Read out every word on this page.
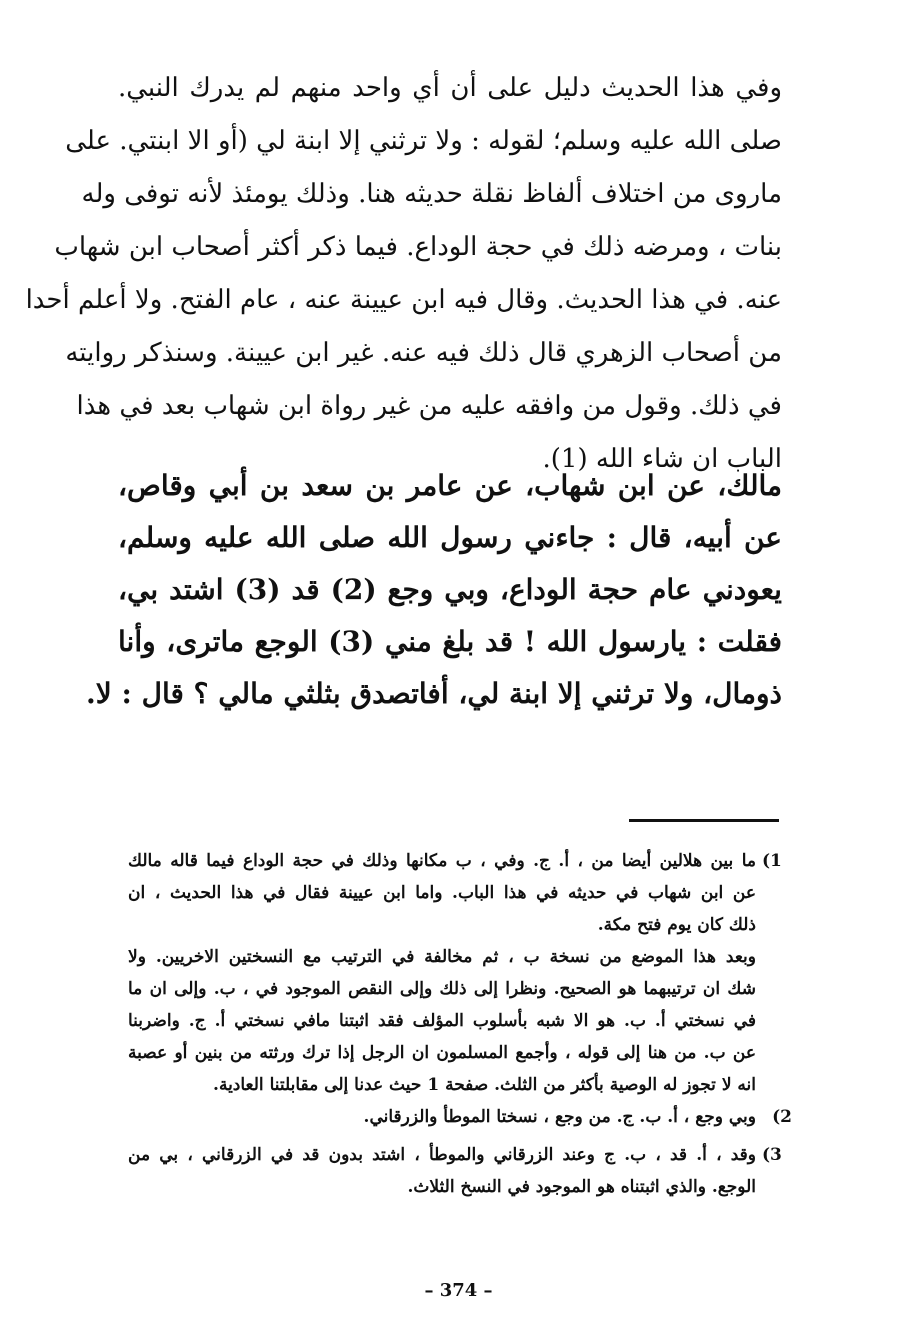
وفي هذا الحديث دليل على أن أي واحد منهم لم يدرك النبي.
صلى الله عليه وسلم؛ لقوله : ولا ترثني إلا ابنة لي (أو الا ابنتي. على
ماروى من اختلاف ألفاظ نقلة حديثه هنا. وذلك يومئذ لأنه توفى وله
بنات ، ومرضه ذلك في حجة الوداع. فيما ذكر أكثر أصحاب ابن شهاب
عنه. في هذا الحديث. وقال فيه ابن عيينة عنه ، عام الفتح. ولا أعلم أحدا
من أصحاب الزهري قال ذلك فيه عنه. غير ابن عيينة. وسنذكر روايته
في ذلك. وقول من وافقه عليه من غير رواة ابن شهاب بعد في هذا
الباب ان شاء الله (1).
مالك، عن ابن شهاب، عن عامر بن سعد بن أبي وقاص،
عن أبيه، قال : جاءني رسول الله صلى الله عليه وسلم،
يعودني عام حجة الوداع، وبي وجع (2) قد (3) اشتد بي،
فقلت : يارسول الله ! قد بلغ مني (3) الوجع ماترى، وأنا
ذومال، ولا ترثني إلا ابنة لي، أفاتصدق بثلثي مالي ؟ قال : لا.
(1
ما بين هلالين أيضا من ، أ. ج. وفي ، ب مكانها وذلك في حجة الوداع فيما قاله مالك
عن ابن شهاب في حديثه في هذا الباب. واما ابن عيينة فقال في هذا الحديث ، ان
ذلك كان يوم فتح مكة.
وبعد هذا الموضع من نسخة ب ، ثم مخالفة في الترتيب مع النسختين الاخريين. ولا
شك ان ترتيبهما هو الصحيح. ونظرا إلى ذلك وإلى النقص الموجود في ، ب. وإلى ان ما
في نسختي أ. ب. هو الا شبه بأسلوب المؤلف فقد اثبتنا مافي نسختي أ. ج. واضربنا
عن ب. من هنا إلى قوله ، وأجمع المسلمون ان الرجل إذا ترك ورثته من بنين أو عصبة
انه لا تجوز له الوصية بأكثر من الثلث. صفحة 1 حيث عدنا إلى مقابلتنا العادية.
(2
وبي وجع ، أ. ب. ج. من وجع ، نسختا الموطأ والزرقاني.
(3
وقد ، أ. قد ، ب. ج وعند الزرقاني والموطأ ، اشتد بدون قد في الزرقاني ، بي من
الوجع. والذي اثبتناه هو الموجود في النسخ الثلاث.
– 374 –
